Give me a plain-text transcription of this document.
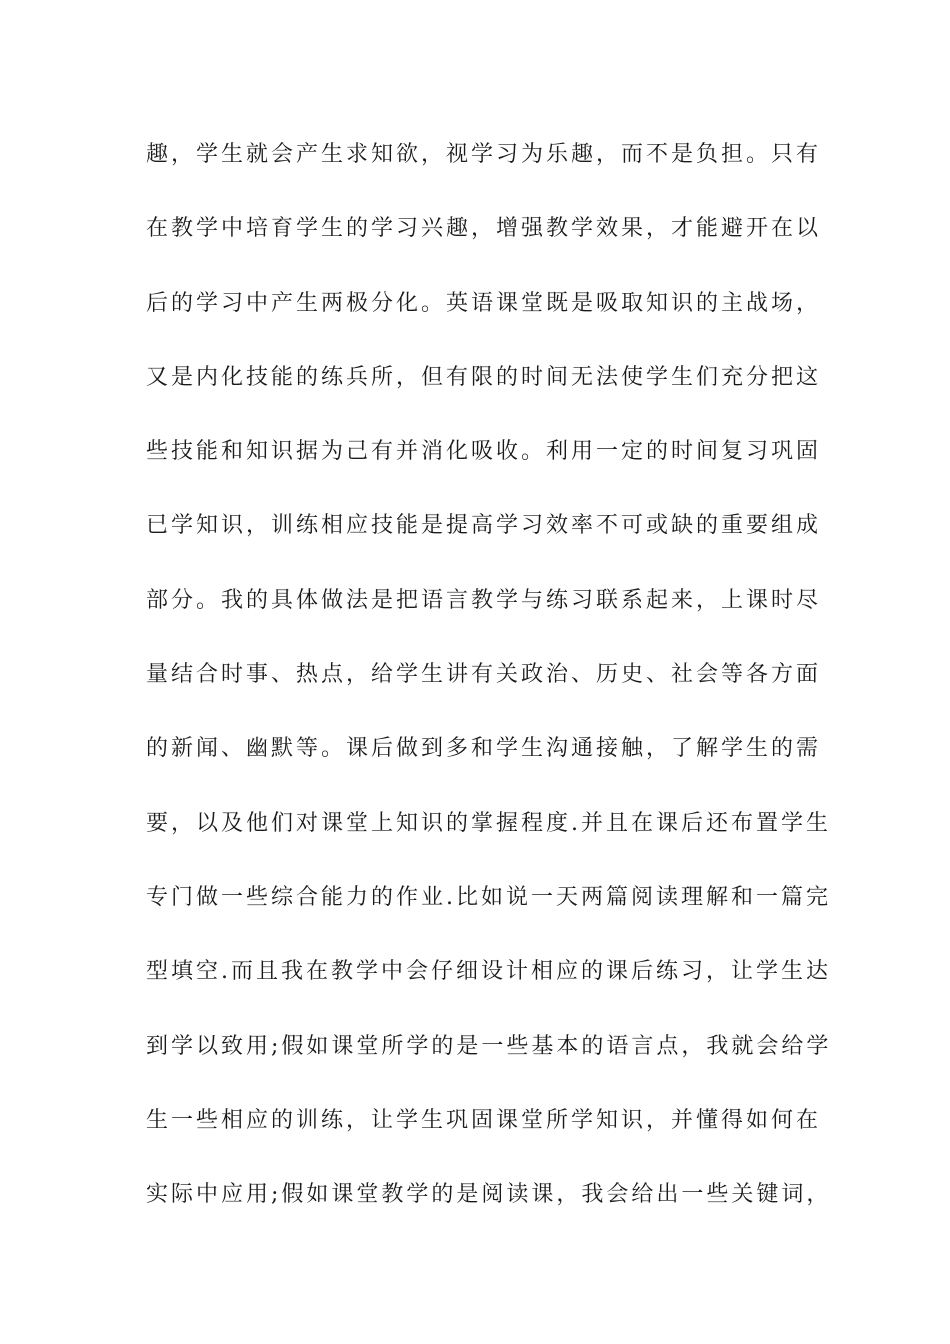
趣，学生就会产生求知欲，视学习为乐趣，而不是负担。只有
在教学中培育学生的学习兴趣，增强教学效果，才能避开在以
后的学习中产生两极分化。英语课堂既是吸取知识的主战场，
又是内化技能的练兵所，但有限的时间无法使学生们充分把这
些技能和知识据为己有并消化吸收。利用一定的时间复习巩固
已学知识，训练相应技能是提高学习效率不可或缺的重要组成
部分。我的具体做法是把语言教学与练习联系起来，上课时尽
量结合时事、热点，给学生讲有关政治、历史、社会等各方面
的新闻、幽默等。课后做到多和学生沟通接触，了解学生的需
要，以及他们对课堂上知识的掌握程度.并且在课后还布置学生
专门做一些综合能力的作业.比如说一天两篇阅读理解和一篇完
型填空.而且我在教学中会仔细设计相应的课后练习，让学生达
到学以致用;假如课堂所学的是一些基本的语言点，我就会给学
生一些相应的训练，让学生巩固课堂所学知识，并懂得如何在
实际中应用;假如课堂教学的是阅读课，我会给出一些关键词，
